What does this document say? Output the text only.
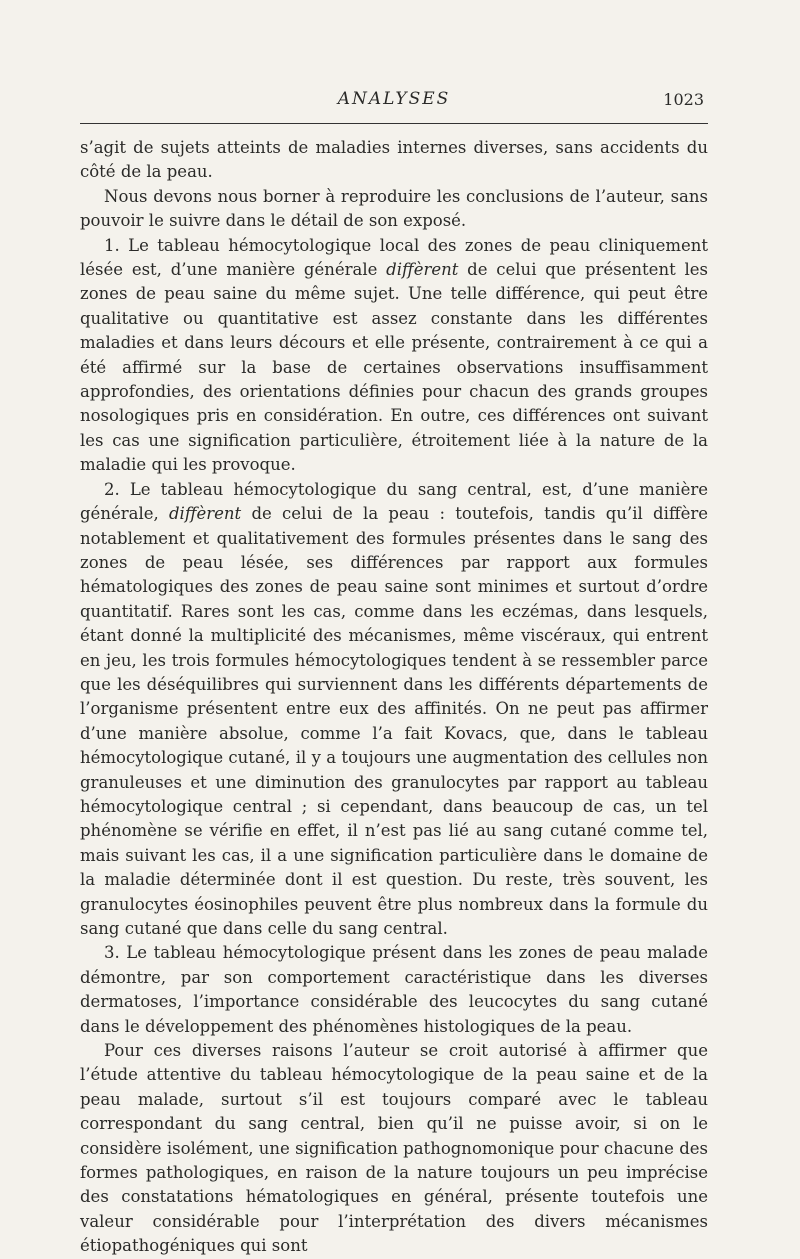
ANALYSES	1023

s’agit de sujets atteints de maladies internes diverses, sans accidents du côté de la peau.

Nous devons nous borner à reproduire les conclusions de l’auteur, sans pouvoir le suivre dans le détail de son exposé.

1. Le tableau hémocytologique local des zones de peau cliniquement lésée est, d’une manière générale diffèrent de celui que présentent les zones de peau saine du même sujet. Une telle différence, qui peut être qualitative ou quantitative est assez constante dans les différentes maladies et dans leurs décours et elle présente, contrairement à ce qui a été affirmé sur la base de certaines observations insuffisamment approfondies, des orientations définies pour chacun des grands groupes nosologiques pris en considération. En outre, ces différences ont suivant les cas une signification particulière, étroitement liée à la nature de la maladie qui les provoque.

2. Le tableau hémocytologique du sang central, est, d’une manière générale, diffèrent de celui de la peau : toutefois, tandis qu’il diffère notablement et qualitativement des formules présentes dans le sang des zones de peau lésée, ses différences par rapport aux formules hématologiques des zones de peau saine sont minimes et surtout d’ordre quantitatif. Rares sont les cas, comme dans les eczémas, dans lesquels, étant donné la multiplicité des mécanismes, même viscéraux, qui entrent en jeu, les trois formules hémocytologiques tendent à se ressembler parce que les déséquilibres qui surviennent dans les différents départements de l’organisme présentent entre eux des affinités. On ne peut pas affirmer d’une manière absolue, comme l’a fait Kovacs, que, dans le tableau hémocytologique cutané, il y a toujours une augmentation des cellules non granuleuses et une diminution des granulocytes par rapport au tableau hémocytologique central ; si cependant, dans beaucoup de cas, un tel phénomène se vérifie en effet, il n’est pas lié au sang cutané comme tel, mais suivant les cas, il a une signification particulière dans le domaine de la maladie déterminée dont il est question. Du reste, très souvent, les granulocytes éosinophiles peuvent être plus nombreux dans la formule du sang cutané que dans celle du sang central.

3. Le tableau hémocytologique présent dans les zones de peau malade démontre, par son comportement caractéristique dans les diverses dermatoses, l’importance considérable des leucocytes du sang cutané dans le développement des phénomènes histologiques de la peau.

Pour ces diverses raisons l’auteur se croit autorisé à affirmer que l’étude attentive du tableau hémocytologique de la peau saine et de la peau malade, surtout s’il est toujours comparé avec le tableau correspondant du sang central, bien qu’il ne puisse avoir, si on le considère isolément, une signification pathognomonique pour chacune des formes pathologiques, en raison de la nature toujours un peu imprécise des constatations hématologiques en général, présente toutefois une valeur considérable pour l’interprétation des divers mécanismes étiopathogéniques qui sont
